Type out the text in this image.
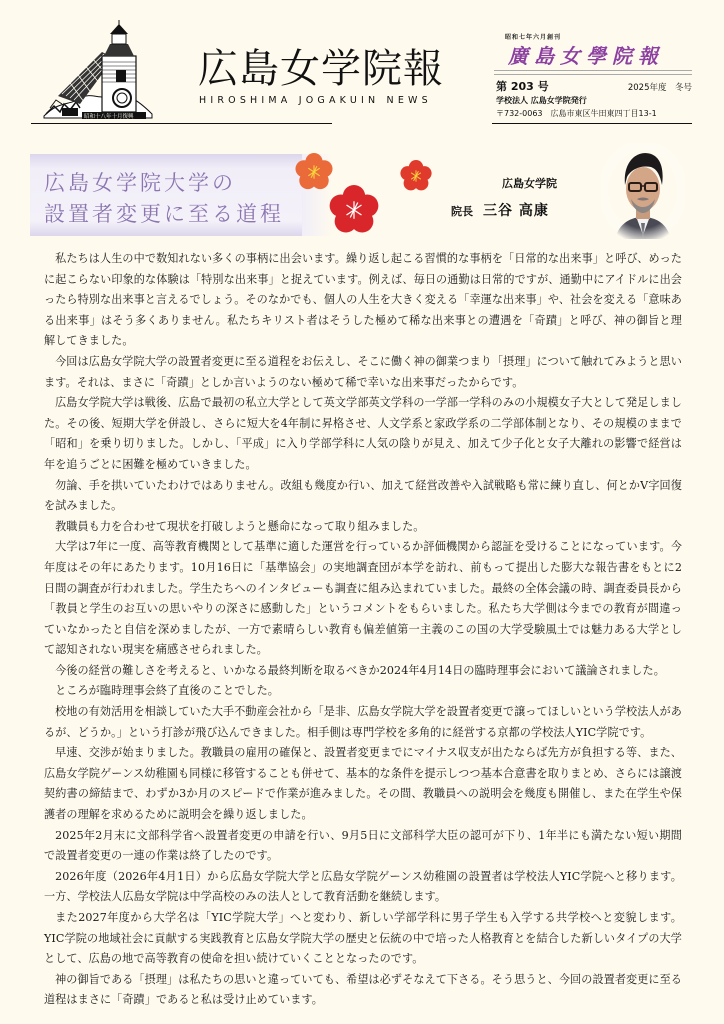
昭和十八年十月復興
広島女学院報
HIROSHIMA JOGAKUIN NEWS
昭和七年六月創刊
廣島女學院報
第 203 号	2025年度　冬号
学校法人 広島女学院発行
〒732-0063　広島市東区牛田東四丁目13-1
広島女学院大学の
設置者変更に至る道程
広島女学院
院長 三谷 高康

私たちは人生の中で数知れない多くの事柄に出会います。繰り返し起こる習慣的な事柄を「日常的な出来事」と呼び、めったに起こらない印象的な体験は「特別な出来事」と捉えています。例えば、毎日の通勤は日常的ですが、通勤中にアイドルに出会ったら特別な出来事と言えるでしょう。そのなかでも、個人の人生を大きく変える「幸運な出来事」や、社会を変える「意味ある出来事」はそう多くありません。私たちキリスト者はそうした極めて稀な出来事との遭遇を「奇蹟」と呼び、神の御旨と理解してきました。

今回は広島女学院大学の設置者変更に至る道程をお伝えし、そこに働く神の御業つまり「摂理」について触れてみようと思います。それは、まさに「奇蹟」としか言いようのない極めて稀で幸いな出来事だったからです。

広島女学院大学は戦後、広島で最初の私立大学として英文学部英文学科の一学部一学科のみの小規模女子大として発足しました。その後、短期大学を併設し、さらに短大を4年制に昇格させ、人文学系と家政学系の二学部体制となり、その規模のままで「昭和」を乗り切りました。しかし、「平成」に入り学部学科に人気の陰りが見え、加えて少子化と女子大離れの影響で経営は年を追うごとに困難を極めていきました。

勿論、手を拱いていたわけではありません。改組も幾度か行い、加えて経営改善や入試戦略も常に練り直し、何とかV字回復を試みました。

教職員も力を合わせて現状を打破しようと懸命になって取り組みました。

大学は7年に一度、高等教育機関として基準に適した運営を行っているか評価機関から認証を受けることになっています。今年度はその年にあたります。10月16日に「基準協会」の実地調査団が本学を訪れ、前もって提出した膨大な報告書をもとに2日間の調査が行われました。学生たちへのインタビューも調査に組み込まれていました。最終の全体会議の時、調査委員長から「教員と学生のお互いの思いやりの深さに感動した」というコメントをもらいました。私たち大学側は今までの教育が間違っていなかったと自信を深めましたが、一方で素晴らしい教育も偏差値第一主義のこの国の大学受験風土では魅力ある大学として認知されない現実を痛感させられました。

今後の経営の難しさを考えると、いかなる最終判断を取るべきか2024年4月14日の臨時理事会において議論されました。

ところが臨時理事会終了直後のことでした。

校地の有効活用を相談していた大手不動産会社から「是非、広島女学院大学を設置者変更で譲ってほしいという学校法人があるが、どうか。」という打診が飛び込んできました。相手側は専門学校を多角的に経営する京都の学校法人YIC学院です。

早速、交渉が始まりました。教職員の雇用の確保と、設置者変更までにマイナス収支が出たならば先方が負担する等、また、広島女学院ゲーンス幼稚園も同様に移管することも併せて、基本的な条件を提示しつつ基本合意書を取りまとめ、さらには譲渡契約書の締結まで、わずか3か月のスピードで作業が進みました。その間、教職員への説明会を幾度も開催し、また在学生や保護者の理解を求めるために説明会を繰り返しました。

2025年2月末に文部科学省へ設置者変更の申請を行い、9月5日に文部科学大臣の認可が下り、1年半にも満たない短い期間で設置者変更の一連の作業は終了したのです。

2026年度（2026年4月1日）から広島女学院大学と広島女学院ゲーンス幼稚園の設置者は学校法人YIC学院へと移ります。一方、学校法人広島女学院は中学高校のみの法人として教育活動を継続します。

また2027年度から大学名は「YIC学院大学」へと変わり、新しい学部学科に男子学生も入学する共学校へと変貌します。YIC学院の地域社会に貢献する実践教育と広島女学院大学の歴史と伝統の中で培った人格教育とを結合した新しいタイプの大学として、広島の地で高等教育の使命を担い続けていくこととなったのです。

神の御旨である「摂理」は私たちの思いと違っていても、希望は必ずそなえて下さる。そう思うと、今回の設置者変更に至る道程はまさに「奇蹟」であると私は受け止めています。
